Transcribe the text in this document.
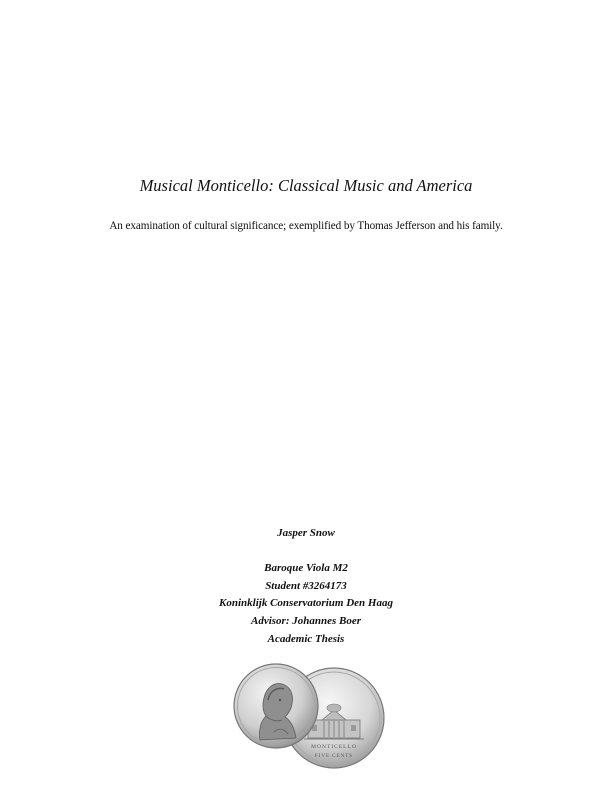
Musical Monticello: Classical Music and America

An examination of cultural significance; exemplified by Thomas Jefferson and his family.

Jasper Snow
Baroque Viola M2
Student #3264173
Koninklijk Conservatorium Den Haag
Advisor: Johannes Boer
Academic Thesis
MONTICELLO
FIVE CENTS
